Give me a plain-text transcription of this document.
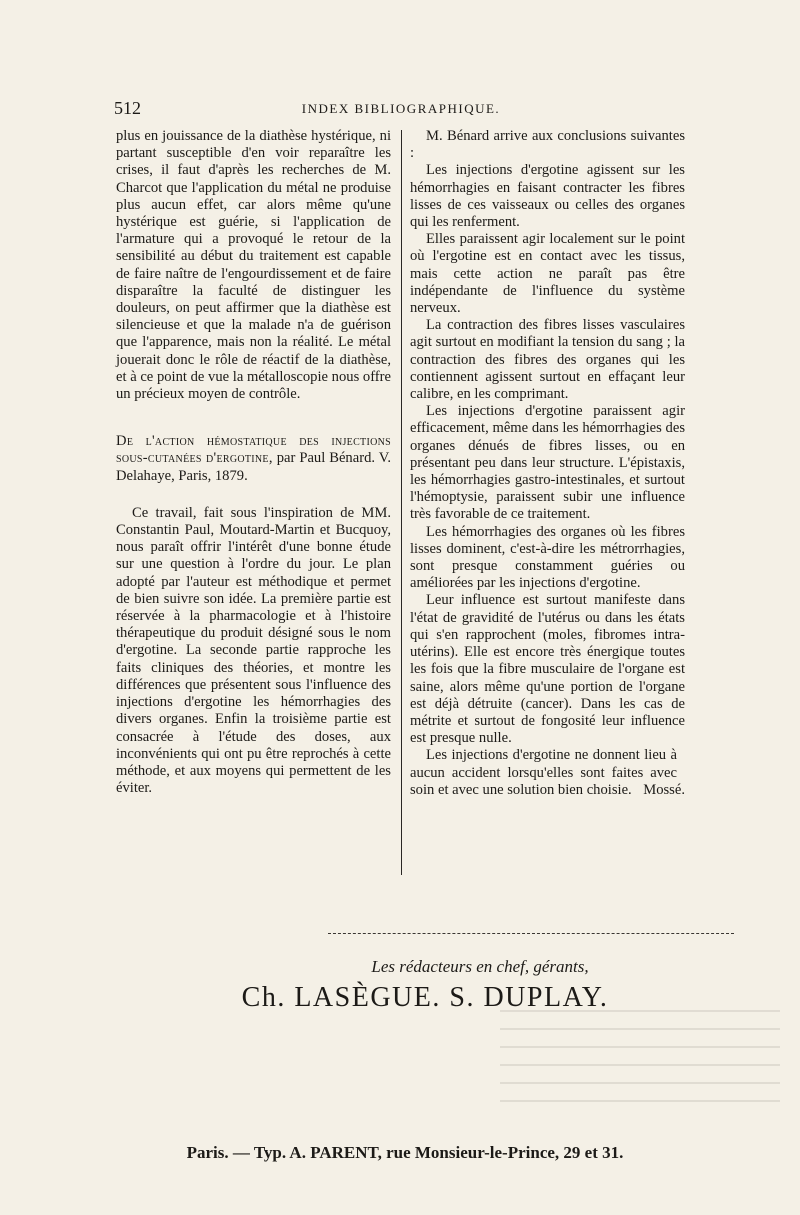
512	INDEX BIBLIOGRAPHIQUE.

plus en jouissance de la diathèse hystérique, ni partant susceptible d'en voir reparaître les crises, il faut d'après les recherches de M. Charcot que l'application du métal ne produise plus aucun effet, car alors même qu'une hystérique est guérie, si l'application de l'armature qui a provoqué le retour de la sensibilité au début du traitement est capable de faire naître de l'engourdissement et de faire disparaître la faculté de distinguer les douleurs, on peut affirmer que la diathèse est silencieuse et que la malade n'a de guérison que l'apparence, mais non la réalité. Le métal jouerait donc le rôle de réactif de la diathèse, et à ce point de vue la métalloscopie nous offre un précieux moyen de contrôle.

De l'action hémostatique des injections sous-cutanées d'ergotine, par Paul Bénard. V. Delahaye, Paris, 1879.

Ce travail, fait sous l'inspiration de MM. Constantin Paul, Moutard-Martin et Bucquoy, nous paraît offrir l'intérêt d'une bonne étude sur une question à l'ordre du jour. Le plan adopté par l'auteur est méthodique et permet de bien suivre son idée. La première partie est réservée à la pharmacologie et à l'histoire thérapeutique du produit désigné sous le nom d'ergotine. La seconde partie rapproche les faits cliniques des théories, et montre les différences que présentent sous l'influence des injections d'ergotine les hémorrhagies des divers organes. Enfin la troisième partie est consacrée à l'étude des doses, aux inconvénients qui ont pu être reprochés à cette méthode, et aux moyens qui permettent de les éviter.

M. Bénard arrive aux conclusions suivantes :

Les injections d'ergotine agissent sur les hémorrhagies en faisant contracter les fibres lisses de ces vaisseaux ou celles des organes qui les renferment.

Elles paraissent agir localement sur le point où l'ergotine est en contact avec les tissus, mais cette action ne paraît pas être indépendante de l'influence du système nerveux.

La contraction des fibres lisses vasculaires agit surtout en modifiant la tension du sang ; la contraction des fibres des organes qui les contiennent agissent surtout en effaçant leur calibre, en les comprimant.

Les injections d'ergotine paraissent agir efficacement, même dans les hémorrhagies des organes dénués de fibres lisses, ou en présentant peu dans leur structure. L'épistaxis, les hémorrhagies gastro-intestinales, et surtout l'hémoptysie, paraissent subir une influence très favorable de ce traitement.

Les hémorrhagies des organes où les fibres lisses dominent, c'est-à-dire les métrorrhagies, sont presque constamment guéries ou améliorées par les injections d'ergotine.

Leur influence est surtout manifeste dans l'état de gravidité de l'utérus ou dans les états qui s'en rapprochent (moles, fibromes intra-utérins). Elle est encore très énergique toutes les fois que la fibre musculaire de l'organe est saine, alors même qu'une portion de l'organe est déjà détruite (cancer). Dans les cas de métrite et surtout de fongosité leur influence est presque nulle.

Les injections d'ergotine ne donnent lieu à aucun accident lorsqu'elles sont faites avec soin et avec une solution bien choisie. Mossé.
Les rédacteurs en chef, gérants,
Ch. LASÈGUE. S. DUPLAY.
Paris. — Typ. A. PARENT, rue Monsieur-le-Prince, 29 et 31.
